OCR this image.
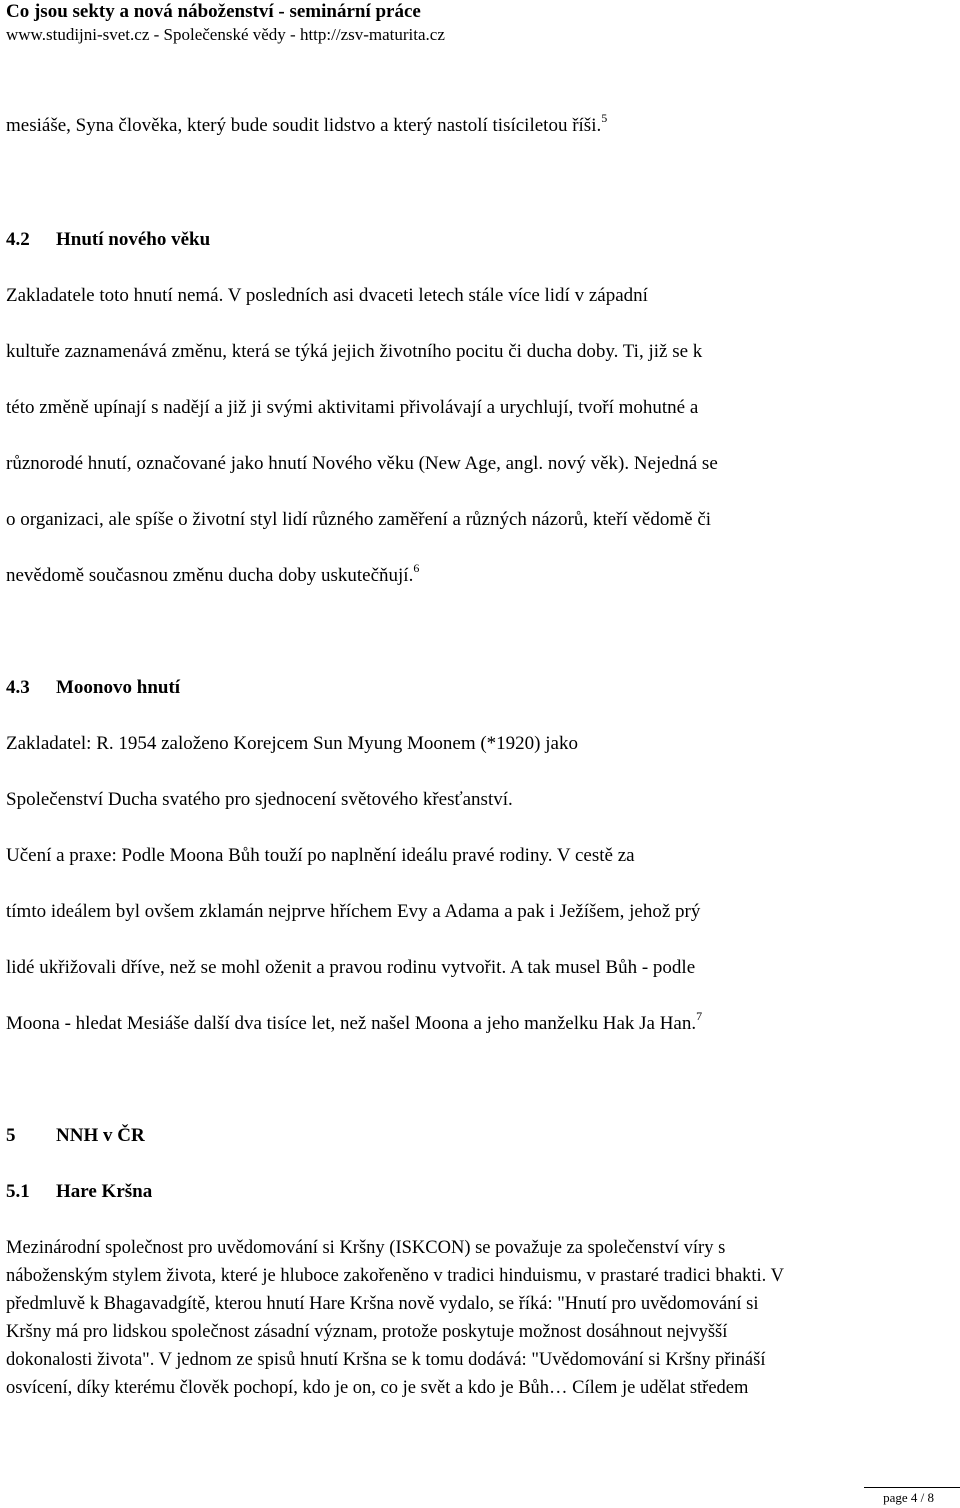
Co jsou sekty a nová náboženství - seminární práce
www.studijni-svet.cz - Společenské vědy - http://zsv-maturita.cz
mesiáše, Syna člověka, který bude soudit lidstvo a který nastolí tisíciletou říši.$^5$
4.2 Hnutí nového věku
Zakladatele toto hnutí nemá. V posledních asi dvaceti letech stále více lidí v západní
kultuře zaznamenává změnu, která se týká jejich životního pocitu či ducha doby. Ti, již se k
této změně upínají s nadějí a již ji svými aktivitami přivolávají a urychlují, tvoří mohutné a
různorodé hnutí, označované jako hnutí Nového věku (New Age, angl. nový věk). Nejedná se
o organizaci, ale spíše o životní styl lidí různého zaměření a různých názorů, kteří vědomě či
nevědomě současnou změnu ducha doby uskutečňují.$^6$
4.3 Moonovo hnutí
Zakladatel: R. 1954 založeno Korejcem Sun Myung Moonem (*1920) jako
Společenství Ducha svatého pro sjednocení světového křesťanství.
Učení a praxe: Podle Moona Bůh touží po naplnění ideálu pravé rodiny. V cestě za
tímto ideálem byl ovšem zklamán nejprve hříchem Evy a Adama a pak i Ježíšem, jehož prý
lidé ukřižovali dříve, než se mohl oženit a pravou rodinu vytvořit. A tak musel Bůh - podle
Moona - hledat Mesiáše další dva tisíce let, než našel Moona a jeho manželku Hak Ja Han.$^7$
5 NNH v ČR
5.1 Hare Kršna
Mezinárodní společnost pro uvědomování si Kršny (ISKCON) se považuje za společenství víry s
náboženským stylem života, které je hluboce zakořeněno v tradici hinduismu, v prastaré tradici bhakti. V
předmluvě k Bhagavadgítě, kterou hnutí Hare Kršna nově vydalo, se říká: "Hnutí pro uvědomování si
Kršny má pro lidskou společnost zásadní význam, protože poskytuje možnost dosáhnout nejvyšší
dokonalosti života". V jednom ze spisů hnutí Kršna se k tomu dodává: "Uvědomování si Kršny přináší
osvícení, díky kterému člověk pochopí, kdo je on, co je svět a kdo je Bůh… Cílem je udělat středem
page 4 / 8
